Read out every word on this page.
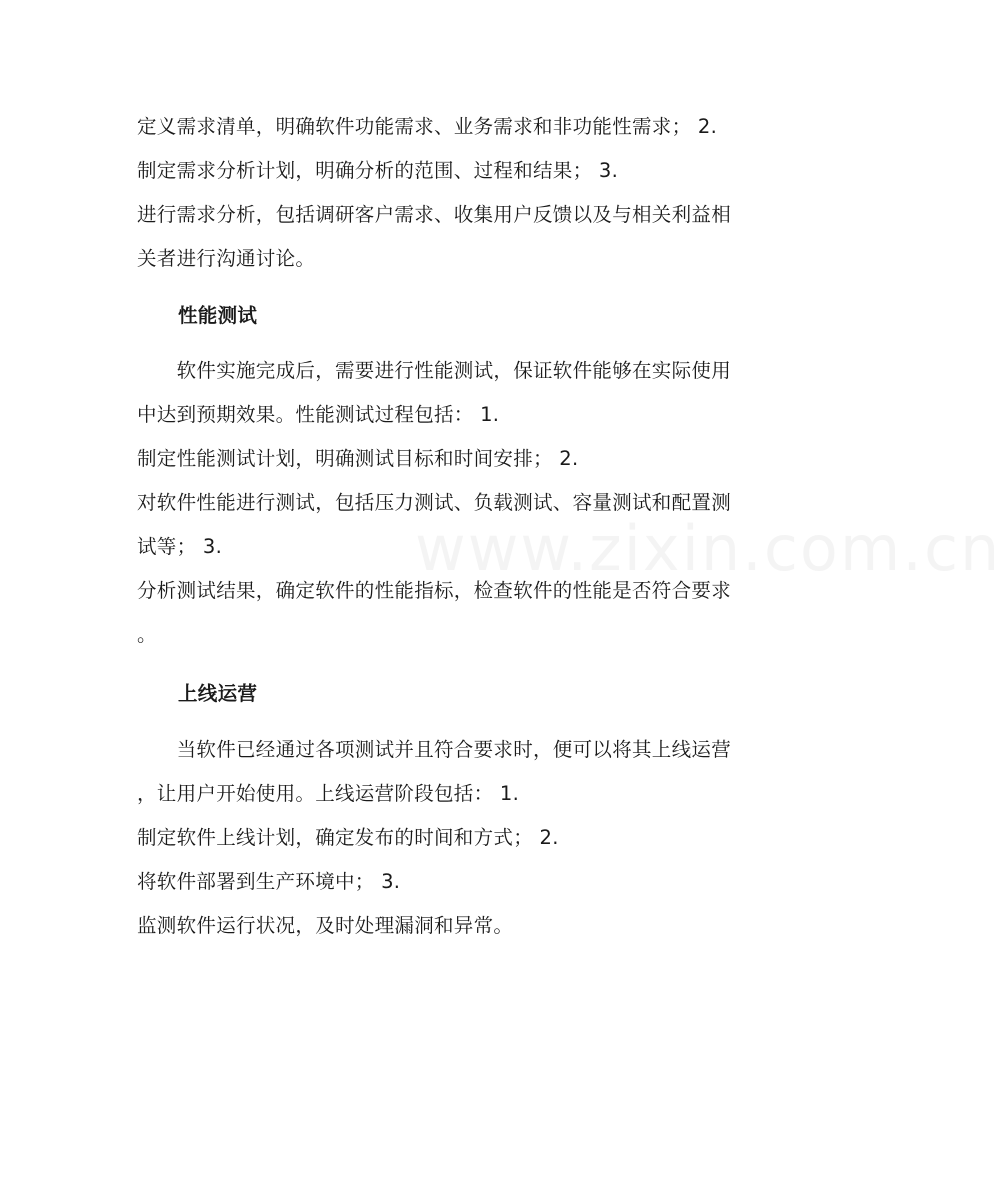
www.zixin.com.cn
定义需求清单，明确软件功能需求、业务需求和非功能性需求； 2.
制定需求分析计划，明确分析的范围、过程和结果； 3.
进行需求分析，包括调研客户需求、收集用户反馈以及与相关利益相
关者进行沟通讨论。
性能测试
　　软件实施完成后，需要进行性能测试，保证软件能够在实际使用
中达到预期效果。性能测试过程包括： 1.
制定性能测试计划，明确测试目标和时间安排； 2.
对软件性能进行测试，包括压力测试、负载测试、容量测试和配置测
试等； 3.
分析测试结果，确定软件的性能指标，检查软件的性能是否符合要求
。
上线运营
　　当软件已经通过各项测试并且符合要求时，便可以将其上线运营
，让用户开始使用。上线运营阶段包括： 1.
制定软件上线计划，确定发布的时间和方式； 2.
将软件部署到生产环境中； 3.
监测软件运行状况，及时处理漏洞和异常。
